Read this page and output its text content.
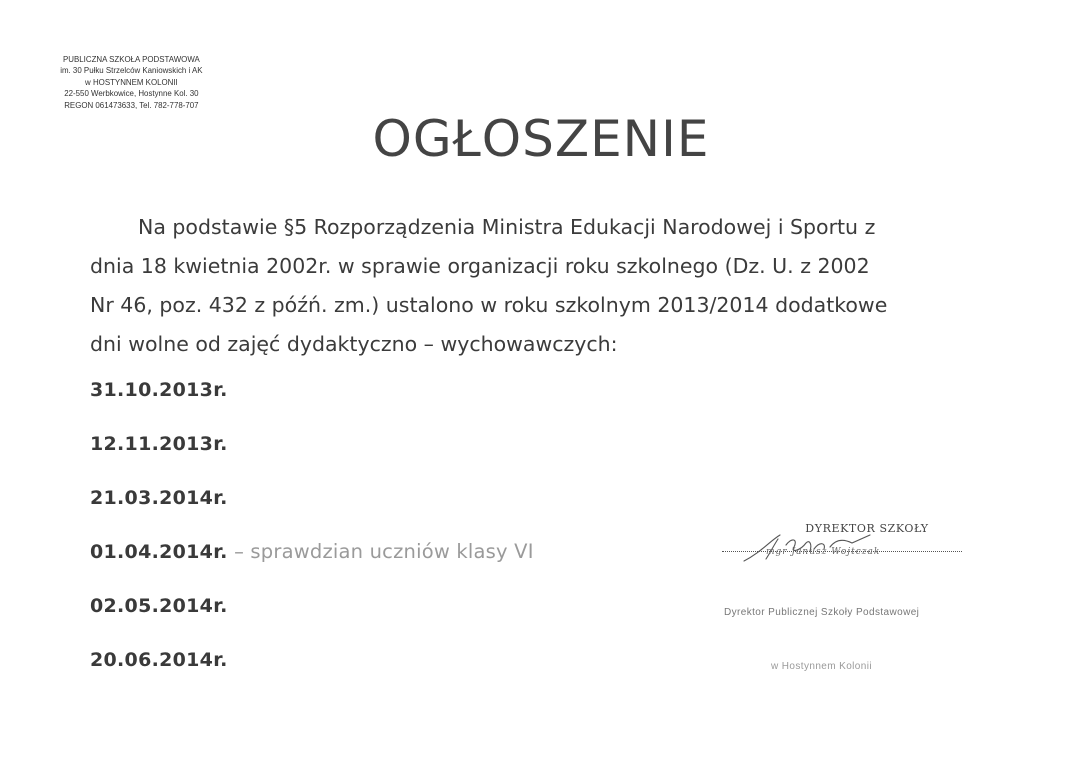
PUBLICZNA SZKOŁA PODSTAWOWA
im. 30 Pułku Strzelców Kaniowskich i AK
w HOSTYNNEM KOLONII
22-550 Werbkowice, Hostynne Kol. 30
REGON 061473633, Tel. 782-778-707
OGŁOSZENIE
Na podstawie §5 Rozporządzenia Ministra Edukacji Narodowej i Sportu z
dnia 18 kwietnia 2002r. w sprawie organizacji roku szkolnego (Dz. U. z 2002
Nr 46, poz. 432 z późń. zm.) ustalono w roku szkolnym 2013/2014 dodatkowe
dni wolne od zajęć dydaktyczno – wychowawczych:
31.10.2013r.
12.11.2013r.
21.03.2014r.
01.04.2014r. – sprawdzian uczniów klasy VI
02.05.2014r.
20.06.2014r.
DYREKTOR SZKOŁY
mgr Janusz Wojtczak
Dyrektor Publicznej Szkoły Podstawowej
w Hostynnem Kolonii
